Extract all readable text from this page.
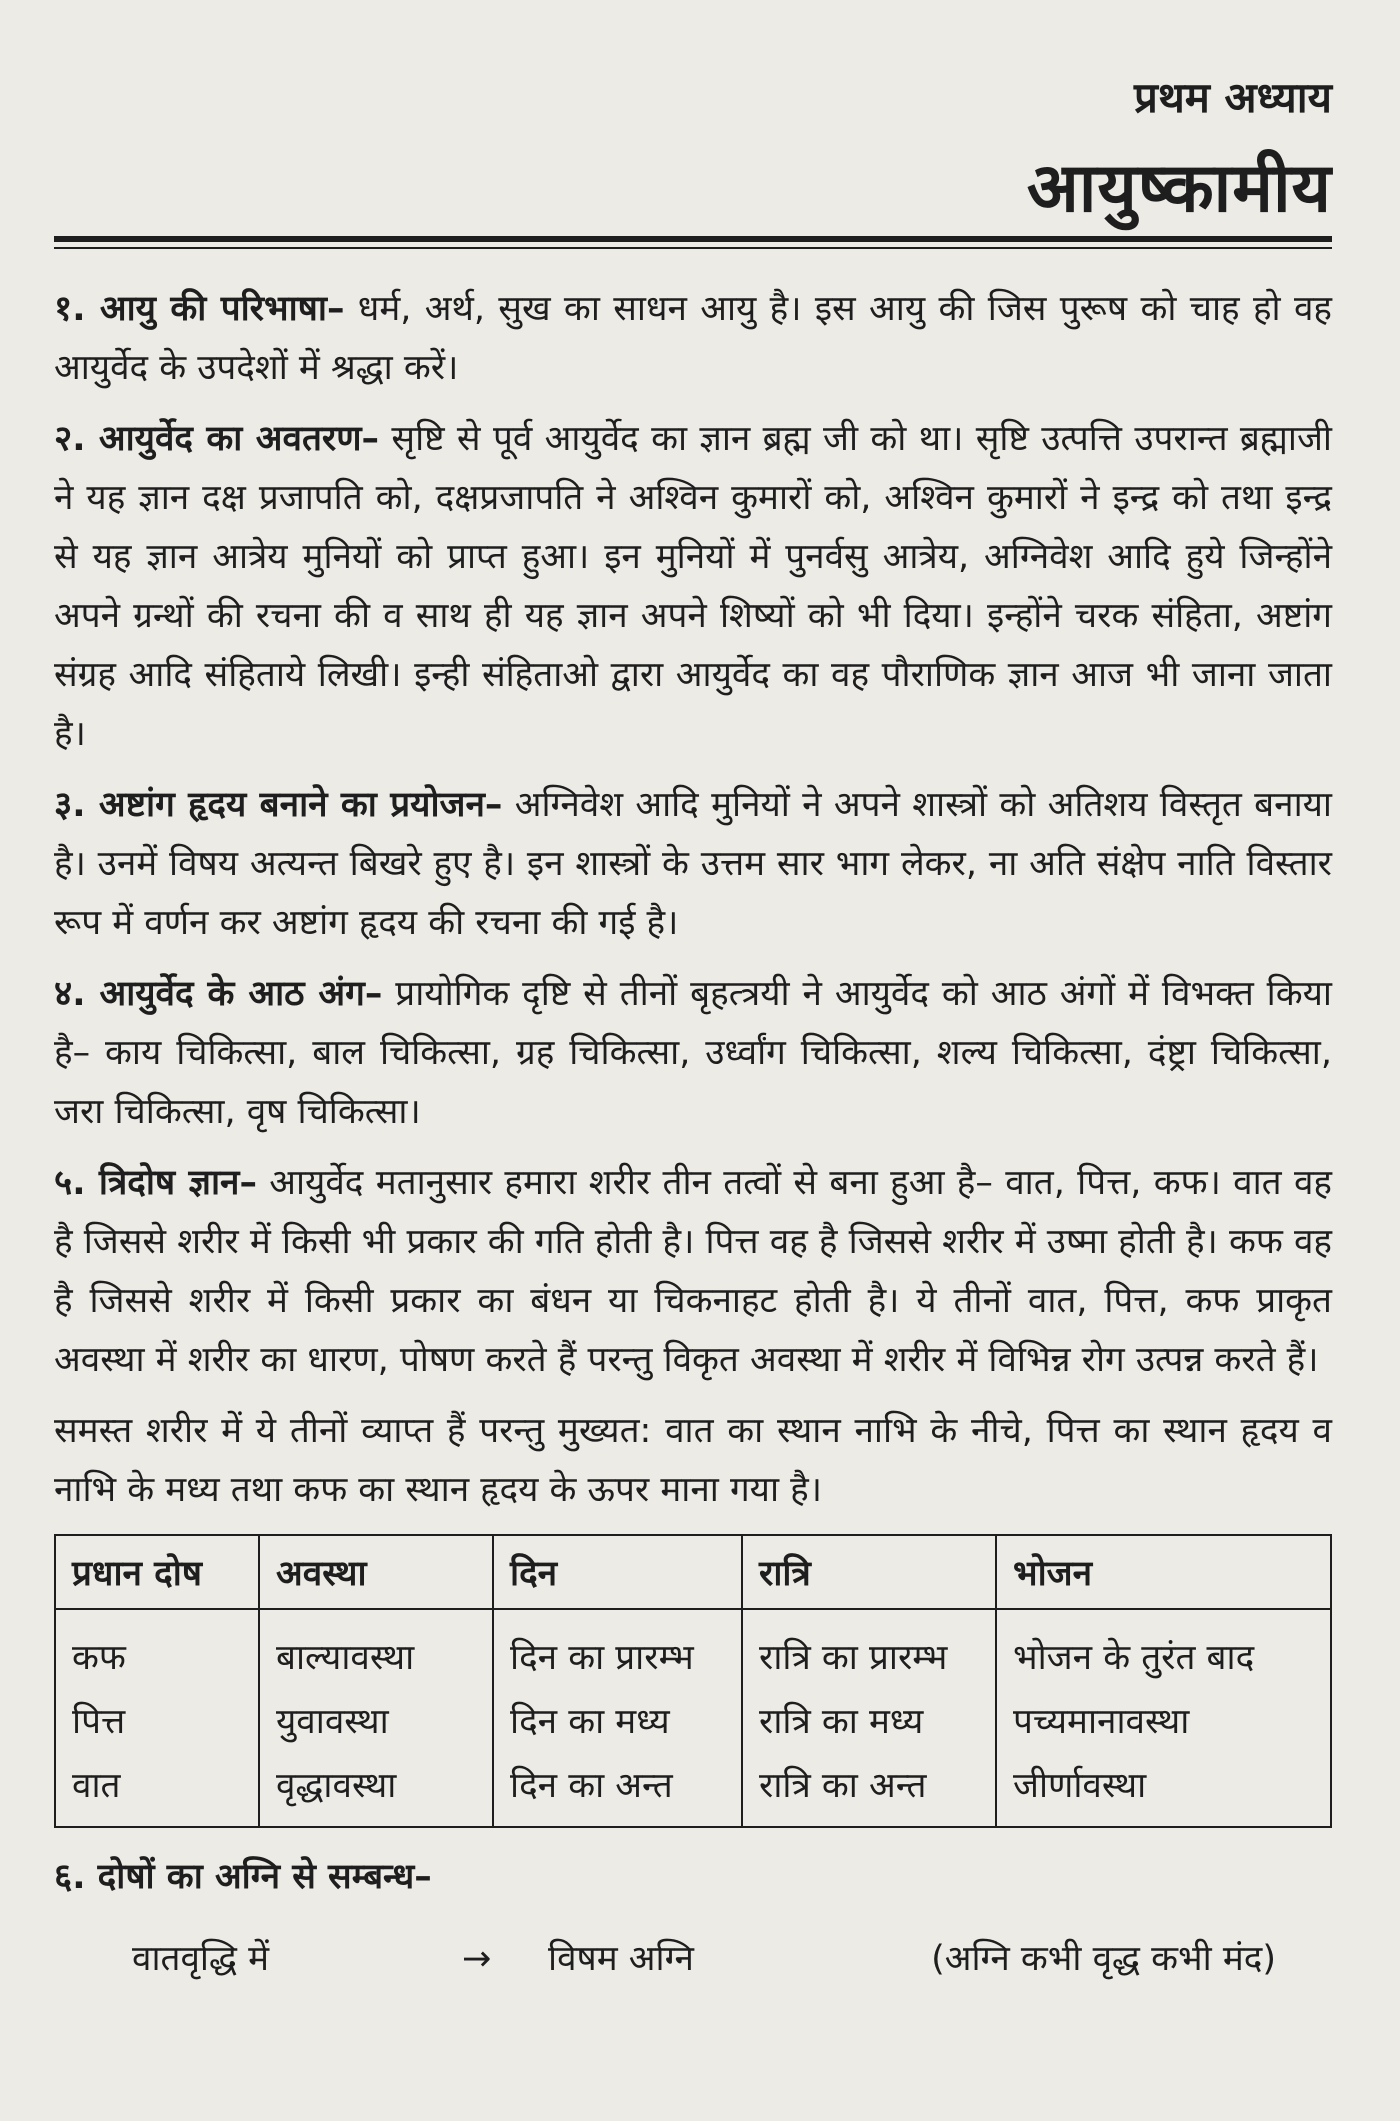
प्रथम अध्याय
आयुष्कामीय

१. आयु की परिभाषा– धर्म, अर्थ, सुख का साधन आयु है। इस आयु की जिस पुरूष को चाह हो वह आयुर्वेद के उपदेशों में श्रद्धा करें।

२. आयुर्वेद का अवतरण– सृष्टि से पूर्व आयुर्वेद का ज्ञान ब्रह्म जी को था। सृष्टि उत्पत्ति उपरान्त ब्रह्माजी ने यह ज्ञान दक्ष प्रजापति को, दक्षप्रजापति ने अश्विन कुमारों को, अश्विन कुमारों ने इन्द्र को तथा इन्द्र से यह ज्ञान आत्रेय मुनियों को प्राप्त हुआ। इन मुनियों में पुनर्वसु आत्रेय, अग्निवेश आदि हुये जिन्होंने अपने ग्रन्थों की रचना की व साथ ही यह ज्ञान अपने शिष्यों को भी दिया। इन्होंने चरक संहिता, अष्टांग संग्रह आदि संहिताये लिखी। इन्ही संहिताओ द्वारा आयुर्वेद का वह पौराणिक ज्ञान आज भी जाना जाता है।

३. अष्टांग हृदय बनाने का प्रयोजन– अग्निवेश आदि मुनियों ने अपने शास्त्रों को अतिशय विस्तृत बनाया है। उनमें विषय अत्यन्त बिखरे हुए है। इन शास्त्रों के उत्तम सार भाग लेकर, ना अति संक्षेप नाति विस्तार रूप में वर्णन कर अष्टांग हृदय की रचना की गई है।

४. आयुर्वेद के आठ अंग– प्रायोगिक दृष्टि से तीनों बृहत्त्रयी ने आयुर्वेद को आठ अंगों में विभक्त किया है– काय चिकित्सा, बाल चिकित्सा, ग्रह चिकित्सा, उर्ध्वांग चिकित्सा, शल्य चिकित्सा, दंष्ट्रा चिकित्सा, जरा चिकित्सा, वृष चिकित्सा।

५. त्रिदोष ज्ञान– आयुर्वेद मतानुसार हमारा शरीर तीन तत्वों से बना हुआ है– वात, पित्त, कफ। वात वह है जिससे शरीर में किसी भी प्रकार की गति होती है। पित्त वह है जिससे शरीर में उष्मा होती है। कफ वह है जिससे शरीर में किसी प्रकार का बंधन या चिकनाहट होती है। ये तीनों वात, पित्त, कफ प्राकृत अवस्था में शरीर का धारण, पोषण करते हैं परन्तु विकृत अवस्था में शरीर में विभिन्न रोग उत्पन्न करते हैं।

समस्त शरीर में ये तीनों व्याप्त हैं परन्तु मुख्यत: वात का स्थान नाभि के नीचे, पित्त का स्थान हृदय व नाभि के मध्य तथा कफ का स्थान हृदय के ऊपर माना गया है।

प्रधान दोष	अवस्था	दिन	रात्रि	भोजन
कफ	बाल्यावस्था	दिन का प्रारम्भ	रात्रि का प्रारम्भ	भोजन के तुरंत बाद
पित्त	युवावस्था	दिन का मध्य	रात्रि का मध्य	पच्यमानावस्था
वात	वृद्धावस्था	दिन का अन्त	रात्रि का अन्त	जीर्णावस्था
६. दोषों का अग्नि से सम्बन्ध–
वातवृद्धि में	→	विषम अग्नि	(अग्नि कभी वृद्ध कभी मंद)
